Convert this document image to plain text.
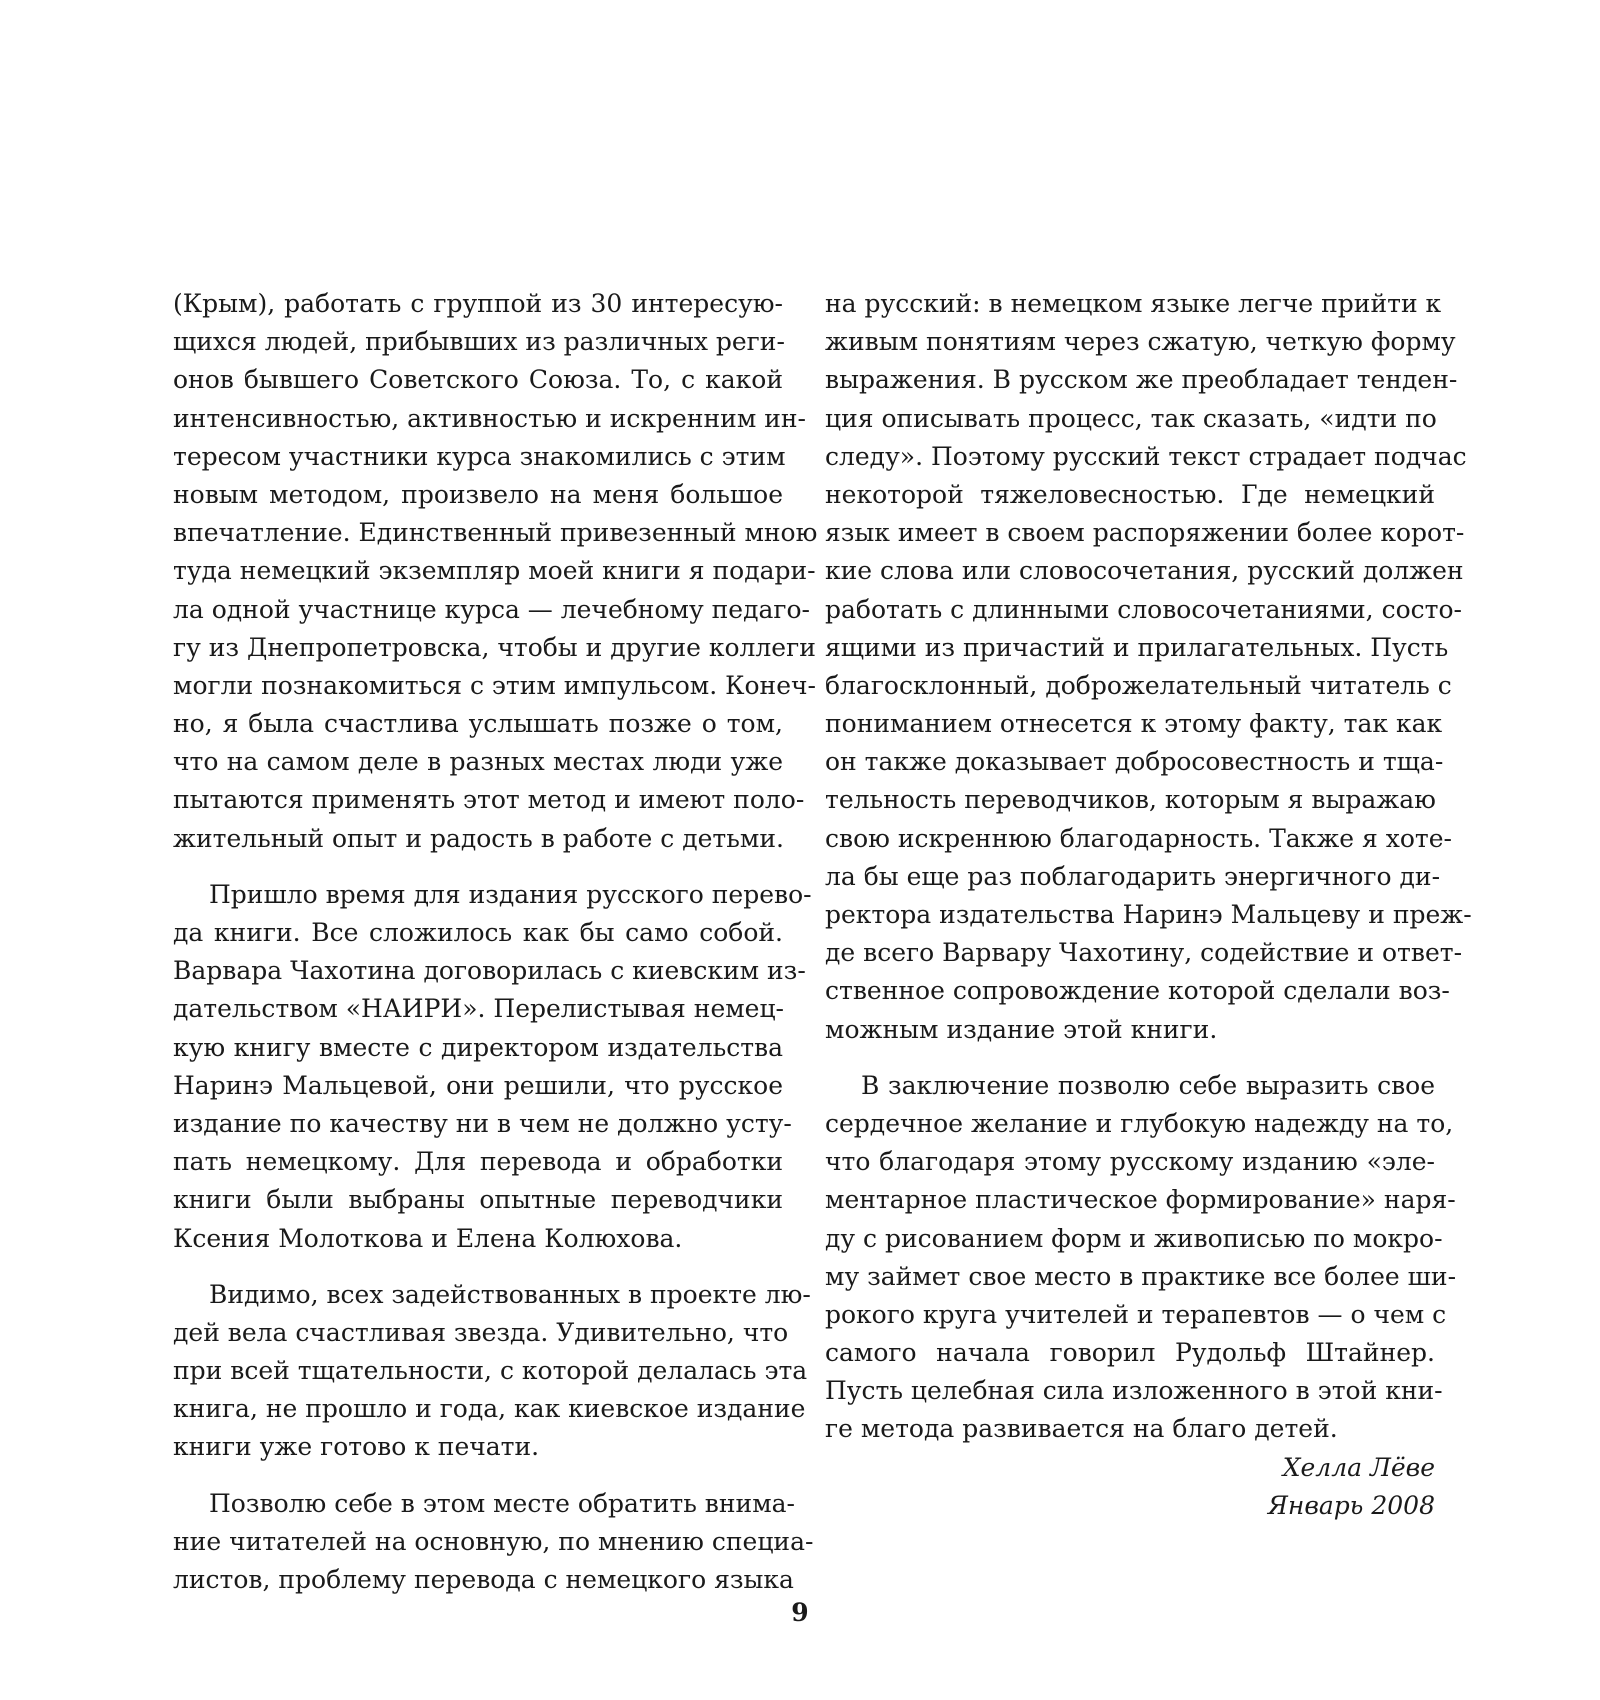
(Крым), работать с группой из 30 интересую-
щихся людей, прибывших из различных реги-
онов бывшего Советского Союза. То, с какой
интенсивностью, активностью и искренним ин-
тересом участники курса знакомились с этим
новым методом, произвело на меня большое
впечатление. Единственный привезенный мною
туда немецкий экземпляр моей книги я подари-
ла одной участнице курса — лечебному педаго-
гу из Днепропетровска, чтобы и другие коллеги
могли познакомиться с этим импульсом. Конеч-
но, я была счастлива услышать позже о том,
что на самом деле в разных местах люди уже
пытаются применять этот метод и имеют поло-
жительный опыт и радость в работе с детьми.
Пришло время для издания русского перево-
да книги. Все сложилось как бы само собой.
Варвара Чахотина договорилась с киевским из-
дательством «НАИРИ». Перелистывая немец-
кую книгу вместе с директором издательства
Наринэ Мальцевой, они решили, что русское
издание по качеству ни в чем не должно усту-
пать немецкому. Для перевода и обработки
книги были выбраны опытные переводчики
Ксения Молоткова и Елена Колюхова.
Видимо, всех задействованных в проекте лю-
дей вела счастливая звезда. Удивительно, что
при всей тщательности, с которой делалась эта
книга, не прошло и года, как киевское издание
книги уже готово к печати.
Позволю себе в этом месте обратить внима-
ние читателей на основную, по мнению специа-
листов, проблему перевода с немецкого языка
на русский: в немецком языке легче прийти к
живым понятиям через сжатую, четкую форму
выражения. В русском же преобладает тенден-
ция описывать процесс, так сказать, «идти по
следу». Поэтому русский текст страдает подчас
некоторой тяжеловесностью. Где немецкий
язык имеет в своем распоряжении более корот-
кие слова или словосочетания, русский должен
работать с длинными словосочетаниями, состо-
ящими из причастий и прилагательных. Пусть
благосклонный, доброжелательный читатель с
пониманием отнесется к этому факту, так как
он также доказывает добросовестность и тща-
тельность переводчиков, которым я выражаю
свою искреннюю благодарность. Также я хоте-
ла бы еще раз поблагодарить энергичного ди-
ректора издательства Наринэ Мальцеву и преж-
де всего Варвару Чахотину, содействие и ответ-
ственное сопровождение которой сделали воз-
можным издание этой книги.
В заключение позволю себе выразить свое
сердечное желание и глубокую надежду на то,
что благодаря этому русскому изданию «эле-
ментарное пластическое формирование» наря-
ду с рисованием форм и живописью по мокро-
му займет свое место в практике все более ши-
рокого круга учителей и терапевтов — о чем с
самого начала говорил Рудольф Штайнер.
Пусть целебная сила изложенного в этой кни-
ге метода развивается на благо детей.
Хелла Лёве
Январь 2008
9
